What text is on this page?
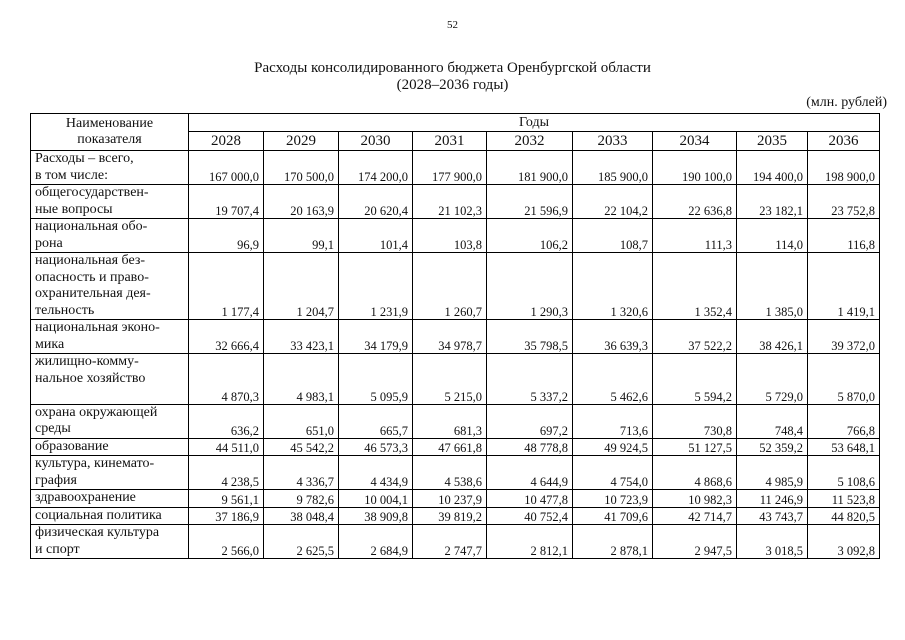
52
Расходы консолидированного бюджета Оренбургской области
(2028–2036 годы)
(млн. рублей)
Наименование
показателя	Годы								
	2028	2029	2030	2031	2032	2033	2034	2035	2036

Расходы – всего,
в том числе:	167 000,0	170 500,0	174 200,0	177 900,0	181 900,0	185 900,0	190 100,0	194 400,0	198 900,0

общегосударствен-
ные вопросы	19 707,4	20 163,9	20 620,4	21 102,3	21 596,9	22 104,2	22 636,8	23 182,1	23 752,8

национальная обо-
рона	96,9	99,1	101,4	103,8	106,2	108,7	111,3	114,0	116,8

национальная без-
опасность и право-
охранительная дея-
тельность	1 177,4	1 204,7	1 231,9	1 260,7	1 290,3	1 320,6	1 352,4	1 385,0	1 419,1

национальная эконо-
мика	32 666,4	33 423,1	34 179,9	34 978,7	35 798,5	36 639,3	37 522,2	38 426,1	39 372,0

жилищно-комму-
нальное хозяйство	4 870,3	4 983,1	5 095,9	5 215,0	5 337,2	5 462,6	5 594,2	5 729,0	5 870,0

охрана окружающей
среды	636,2	651,0	665,7	681,3	697,2	713,6	730,8	748,4	766,8

образование	44 511,0	45 542,2	46 573,3	47 661,8	48 778,8	49 924,5	51 127,5	52 359,2	53 648,1

культура, кинемато-
графия	4 238,5	4 336,7	4 434,9	4 538,6	4 644,9	4 754,0	4 868,6	4 985,9	5 108,6

здравоохранение	9 561,1	9 782,6	10 004,1	10 237,9	10 477,8	10 723,9	10 982,3	11 246,9	11 523,8

социальная политика	37 186,9	38 048,4	38 909,8	39 819,2	40 752,4	41 709,6	42 714,7	43 743,7	44 820,5

физическая культура
и спорт	2 566,0	2 625,5	2 684,9	2 747,7	2 812,1	2 878,1	2 947,5	3 018,5	3 092,8
